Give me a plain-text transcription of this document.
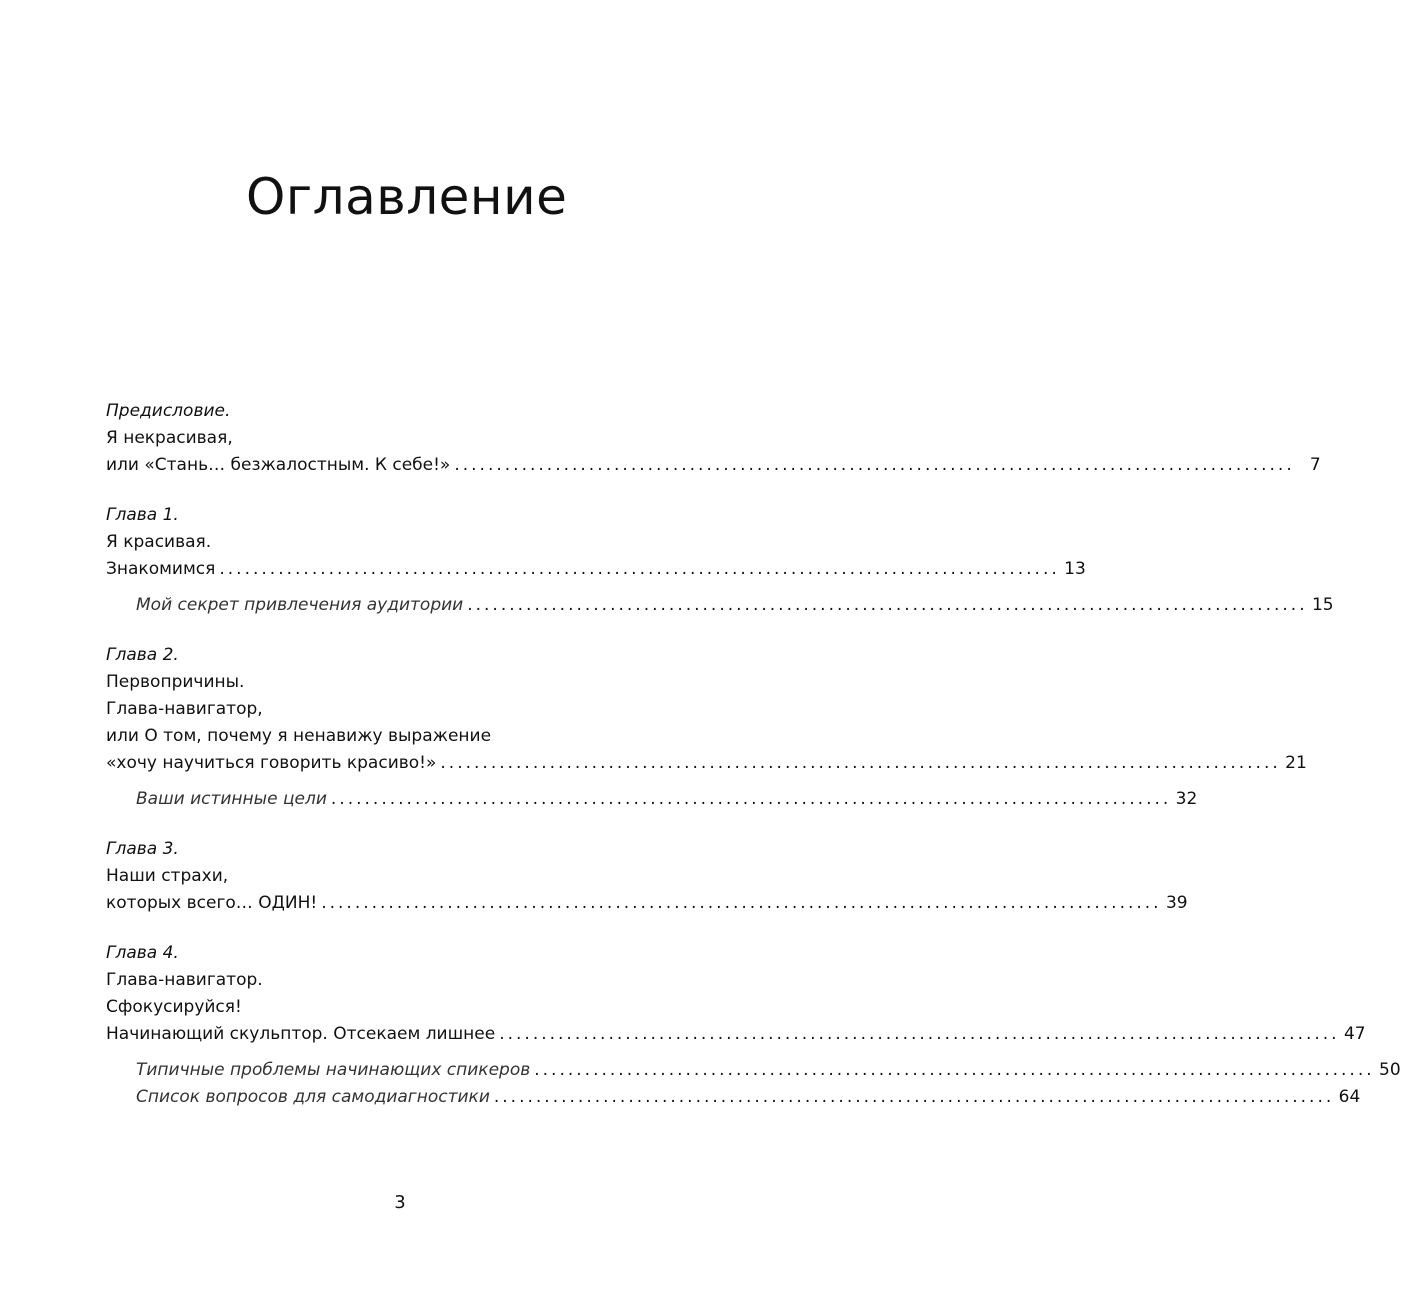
Оглавление
Предисловие.
Я некрасивая,
или «Стань… безжалостным. К себе!» .................................................................................................... 7
Глава 1.
Я красивая.
Знакомимся .................................................................................................... 13
Мой секрет привлечения аудитории .................................................................................................... 15
Глава 2.
Первопричины.
Глава-навигатор,
или О том, почему я ненавижу выражение
«хочу научиться говорить красиво!» .................................................................................................... 21
Ваши истинные цели .................................................................................................... 32
Глава 3.
Наши страхи,
которых всего… ОДИН! .................................................................................................... 39
Глава 4.
Глава-навигатор.
Сфокусируйся!
Начинающий скульптор. Отсекаем лишнее .................................................................................................... 47
Типичные проблемы начинающих спикеров .................................................................................................... 50
Список вопросов для самодиагностики .................................................................................................... 64
3
